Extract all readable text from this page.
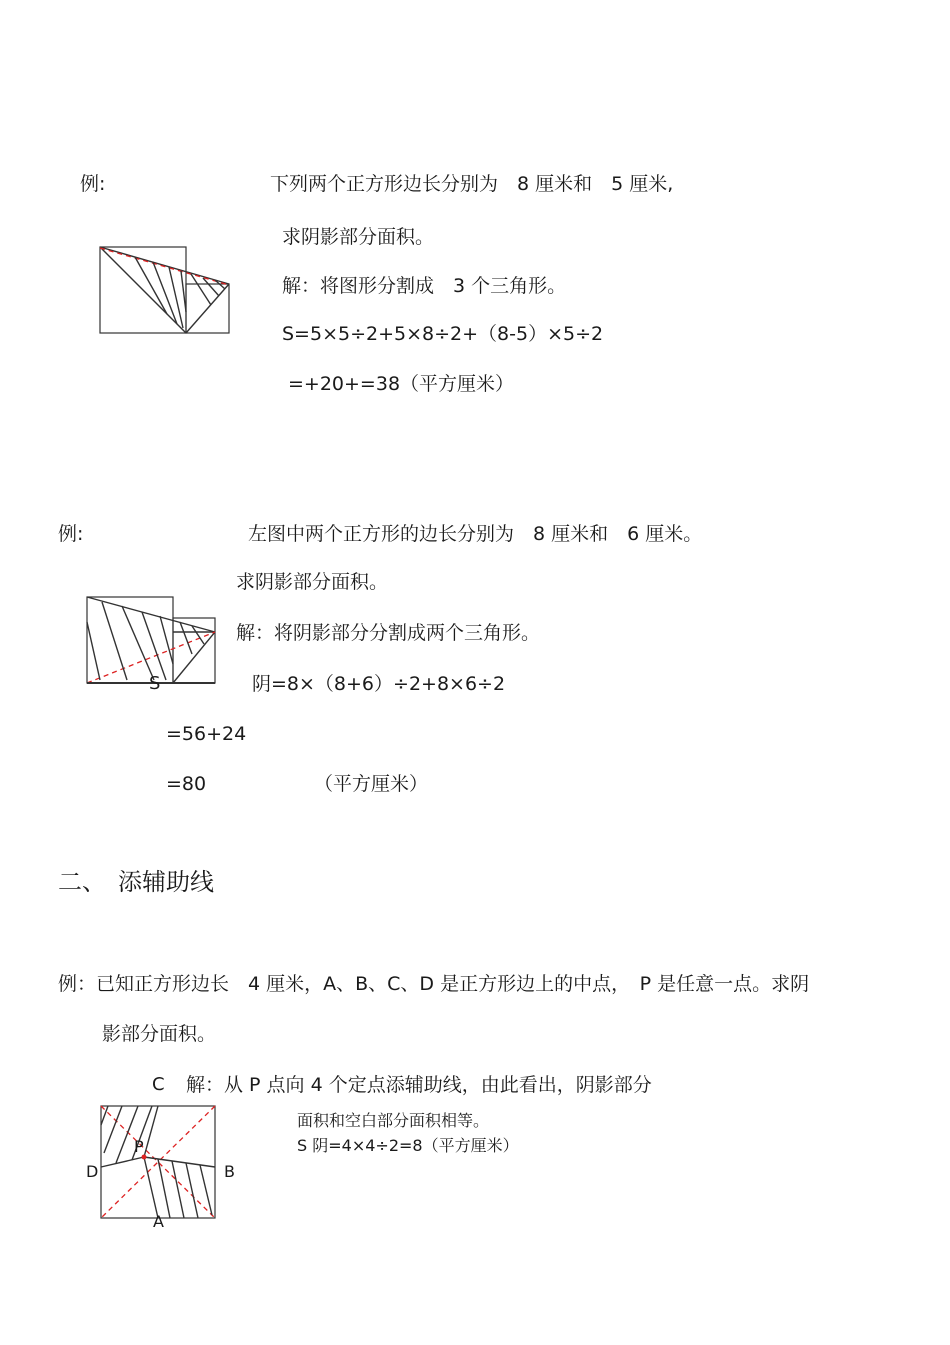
例:	下列两个正方形边长分别为　8 厘米和　5 厘米,
求阴影部分面积。
解：将图形分割成　3 个三角形。
S=5×5÷2+5×8÷2+（8-5）×5÷2
=+20+=38（平方厘米）
例:	左图中两个正方形的边长分别为　8 厘米和　6 厘米。
求阴影部分面积。
解：将阴影部分分割成两个三角形。
S	阴=8×（8+6）÷2+8×6÷2
=56+24
=80	（平方厘米）
二、　添辅助线
例：已知正方形边长　4 厘米，A、B、C、D 是正方形边上的中点，　P 是任意一点。求阴
影部分面积。
C 解：从 P 点向 4 个定点添辅助线，由此看出，阴影部分
面积和空白部分面积相等。
S 阴=4×4÷2=8（平方厘米）
P
D	B
A
